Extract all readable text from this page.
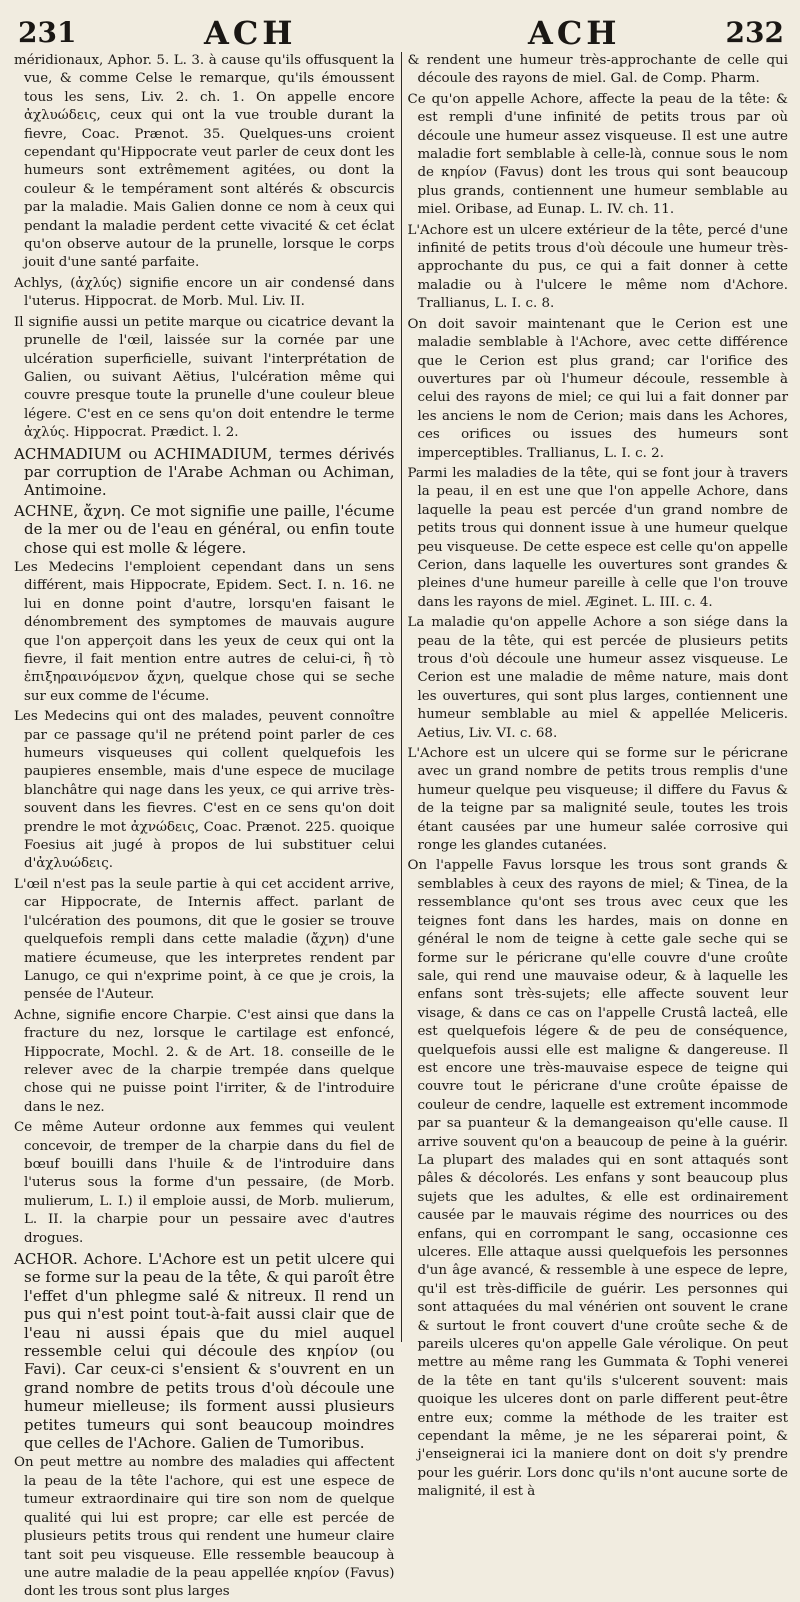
231	ACH	ACH	232

méridionaux, Aphor. 5. L. 3. à cause qu'ils offusquent la vue, & comme Celse le remarque, qu'ils émoussent tous les sens, Liv. 2. ch. 1. On appelle encore ἀχλυώδεις, ceux qui ont la vue trouble durant la fievre, Coac. Prænot. 35. Quelques-uns croient cependant qu'Hippocrate veut parler de ceux dont les humeurs sont extrêmement agitées, ou dont la couleur & le tempérament sont altérés & obscurcis par la maladie. Mais Galien donne ce nom à ceux qui pendant la maladie perdent cette vivacité & cet éclat qu'on observe autour de la prunelle, lorsque le corps jouit d'une santé parfaite.

Achlys, (ἀχλύς) signifie encore un air condensé dans l'uterus. Hippocrat. de Morb. Mul. Liv. II.

Il signifie aussi un petite marque ou cicatrice devant la prunelle de l'œil, laissée sur la cornée par une ulcération superficielle, suivant l'interprétation de Galien, ou suivant Aëtius, l'ulcération même qui couvre presque toute la prunelle d'une couleur bleue légere. C'est en ce sens qu'on doit entendre le terme ἀχλύς. Hippocrat. Prædict. l. 2.

ACHMADIUM ou ACHIMADIUM, termes dérivés par corruption de l'Arabe Achman ou Achiman, Antimoine.

ACHNE, ἄχνη. Ce mot signifie une paille, l'écume de la mer ou de l'eau en général, ou enfin toute chose qui est molle & légere.

Les Medecins l'emploient cependant dans un sens différent, mais Hippocrate, Epidem. Sect. I. n. 16. ne lui en donne point d'autre, lorsqu'en faisant le dénombrement des symptomes de mauvais augure que l'on apperçoit dans les yeux de ceux qui ont la fievre, il fait mention entre autres de celui-ci, ἢ τὸ ἐπιξηραινόμενον ἄχνη, quelque chose qui se seche sur eux comme de l'écume.

Les Medecins qui ont des malades, peuvent connoître par ce passage qu'il ne prétend point parler de ces humeurs visqueuses qui collent quelquefois les paupieres ensemble, mais d'une espece de mucilage blanchâtre qui nage dans les yeux, ce qui arrive très-souvent dans les fievres. C'est en ce sens qu'on doit prendre le mot ἀχνώδεις, Coac. Prænot. 225. quoique Foesius ait jugé à propos de lui substituer celui d'ἀχλυώδεις.

L'œil n'est pas la seule partie à qui cet accident arrive, car Hippocrate, de Internis affect. parlant de l'ulcération des poumons, dit que le gosier se trouve quelquefois rempli dans cette maladie (ἄχνη) d'une matiere écumeuse, que les interpretes rendent par Lanugo, ce qui n'exprime point, à ce que je crois, la pensée de l'Auteur.

Achne, signifie encore Charpie. C'est ainsi que dans la fracture du nez, lorsque le cartilage est enfoncé, Hippocrate, Mochl. 2. & de Art. 18. conseille de le relever avec de la charpie trempée dans quelque chose qui ne puisse point l'irriter, & de l'introduire dans le nez.

Ce même Auteur ordonne aux femmes qui veulent concevoir, de tremper de la charpie dans du fiel de bœuf bouilli dans l'huile & de l'introduire dans l'uterus sous la forme d'un pessaire, (de Morb. mulierum, L. I.) il emploie aussi, de Morb. mulierum, L. II. la charpie pour un pessaire avec d'autres drogues.

ACHOR. Achore. L'Achore est un petit ulcere qui se forme sur la peau de la tête, & qui paroît être l'effet d'un phlegme salé & nitreux. Il rend un pus qui n'est point tout-à-fait aussi clair que de l'eau ni aussi épais que du miel auquel ressemble celui qui découle des κηρίον (ou Favi). Car ceux-ci s'ensient & s'ouvrent en un grand nombre de petits trous d'où découle une humeur mielleuse; ils forment aussi plusieurs petites tumeurs qui sont beaucoup moindres que celles de l'Achore. Galien de Tumoribus.

On peut mettre au nombre des maladies qui affectent la peau de la tête l'achore, qui est une espece de tumeur extraordinaire qui tire son nom de quelque qualité qui lui est propre; car elle est percée de plusieurs petits trous qui rendent une humeur claire tant soit peu visqueuse. Elle ressemble beaucoup à une autre maladie de la peau appellée κηρίον (Favus) dont les trous sont plus larges

& rendent une humeur très-approchante de celle qui découle des rayons de miel. Gal. de Comp. Pharm.

Ce qu'on appelle Achore, affecte la peau de la tête: & est rempli d'une infinité de petits trous par où découle une humeur assez visqueuse. Il est une autre maladie fort semblable à celle-là, connue sous le nom de κηρίον (Favus) dont les trous qui sont beaucoup plus grands, contiennent une humeur semblable au miel. Oribase, ad Eunap. L. IV. ch. 11.

L'Achore est un ulcere extérieur de la tête, percé d'une infinité de petits trous d'où découle une humeur très-approchante du pus, ce qui a fait donner à cette maladie ou à l'ulcere le même nom d'Achore. Trallianus, L. I. c. 8.

On doit savoir maintenant que le Cerion est une maladie semblable à l'Achore, avec cette différence que le Cerion est plus grand; car l'orifice des ouvertures par où l'humeur découle, ressemble à celui des rayons de miel; ce qui lui a fait donner par les anciens le nom de Cerion; mais dans les Achores, ces orifices ou issues des humeurs sont imperceptibles. Trallianus, L. I. c. 2.

Parmi les maladies de la tête, qui se font jour à travers la peau, il en est une que l'on appelle Achore, dans laquelle la peau est percée d'un grand nombre de petits trous qui donnent issue à une humeur quelque peu visqueuse. De cette espece est celle qu'on appelle Cerion, dans laquelle les ouvertures sont grandes & pleines d'une humeur pareille à celle que l'on trouve dans les rayons de miel. Æginet. L. III. c. 4.

La maladie qu'on appelle Achore a son siége dans la peau de la tête, qui est percée de plusieurs petits trous d'où découle une humeur assez visqueuse. Le Cerion est une maladie de même nature, mais dont les ouvertures, qui sont plus larges, contiennent une humeur semblable au miel & appellée Meliceris. Aetius, Liv. VI. c. 68.

L'Achore est un ulcere qui se forme sur le péricrane avec un grand nombre de petits trous remplis d'une humeur quelque peu visqueuse; il differe du Favus & de la teigne par sa malignité seule, toutes les trois étant causées par une humeur salée corrosive qui ronge les glandes cutanées.

On l'appelle Favus lorsque les trous sont grands & semblables à ceux des rayons de miel; & Tinea, de la ressemblance qu'ont ses trous avec ceux que les teignes font dans les hardes, mais on donne en général le nom de teigne à cette gale seche qui se forme sur le péricrane qu'elle couvre d'une croûte sale, qui rend une mauvaise odeur, & à laquelle les enfans sont très-sujets; elle affecte souvent leur visage, & dans ce cas on l'appelle Crustâ lacteâ, elle est quelquefois légere & de peu de conséquence, quelquefois aussi elle est maligne & dangereuse. Il est encore une très-mauvaise espece de teigne qui couvre tout le péricrane d'une croûte épaisse de couleur de cendre, laquelle est extrement incommode par sa puanteur & la demangeaison qu'elle cause. Il arrive souvent qu'on a beaucoup de peine à la guérir. La plupart des malades qui en sont attaqués sont pâles & décolorés. Les enfans y sont beaucoup plus sujets que les adultes, & elle est ordinairement causée par le mauvais régime des nourrices ou des enfans, qui en corrompant le sang, occasionne ces ulceres. Elle attaque aussi quelquefois les personnes d'un âge avancé, & ressemble à une espece de lepre, qu'il est très-difficile de guérir. Les personnes qui sont attaquées du mal vénérien ont souvent le crane & surtout le front couvert d'une croûte seche & de pareils ulceres qu'on appelle Gale vérolique. On peut mettre au même rang les Gummata & Tophi venerei de la tête en tant qu'ils s'ulcerent souvent: mais quoique les ulceres dont on parle different peut-être entre eux; comme la méthode de les traiter est cependant la même, je ne les séparerai point, & j'enseignerai ici la maniere dont on doit s'y prendre pour les guérir. Lors donc qu'ils n'ont aucune sorte de malignité, il est à
